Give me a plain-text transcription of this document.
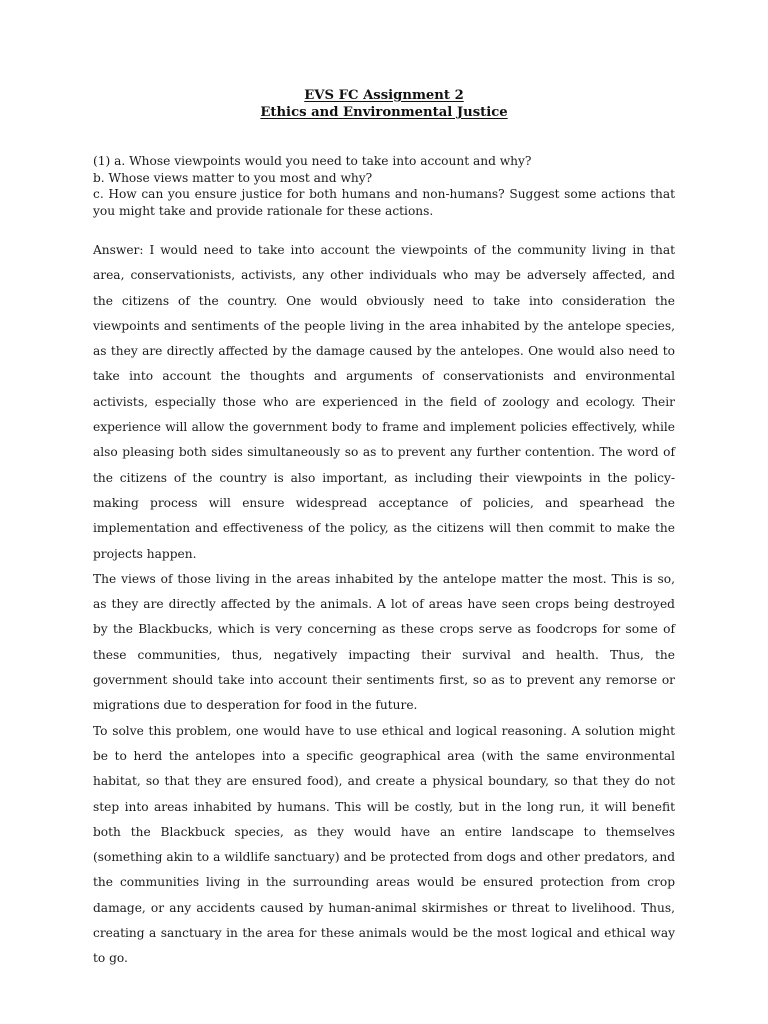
EVS FC Assignment 2
Ethics and Environmental Justice

(1) a. Whose viewpoints would you need to take into account and why?

b. Whose views matter to you most and why?

c. How can you ensure justice for both humans and non-humans? Suggest some actions that you might take and provide rationale for these actions.

Answer: I would need to take into account the viewpoints of the community living in that area, conservationists, activists, any other individuals who may be adversely affected, and the citizens of the country. One would obviously need to take into consideration the viewpoints and sentiments of the people living in the area inhabited by the antelope species, as they are directly affected by the damage caused by the antelopes. One would also need to take into account the thoughts and arguments of conservationists and environmental activists, especially those who are experienced in the field of zoology and ecology. Their experience will allow the government body to frame and implement policies effectively, while also pleasing both sides simultaneously so as to prevent any further contention. The word of the citizens of the country is also important, as including their viewpoints in the policy-making process will ensure widespread acceptance of policies, and spearhead the implementation and effectiveness of the policy, as the citizens will then commit to make the projects happen.

The views of those living in the areas inhabited by the antelope matter the most. This is so, as they are directly affected by the animals. A lot of areas have seen crops being destroyed by the Blackbucks, which is very concerning as these crops serve as foodcrops for some of these communities, thus, negatively impacting their survival and health. Thus, the government should take into account their sentiments first, so as to prevent any remorse or migrations due to desperation for food in the future.

To solve this problem, one would have to use ethical and logical reasoning. A solution might be to herd the antelopes into a specific geographical area (with the same environmental habitat, so that they are ensured food), and create a physical boundary, so that they do not step into areas inhabited by humans. This will be costly, but in the long run, it will benefit both the Blackbuck species, as they would have an entire landscape to themselves (something akin to a wildlife sanctuary) and be protected from dogs and other predators, and the communities living in the surrounding areas would be ensured protection from crop damage, or any accidents caused by human-animal skirmishes or threat to livelihood. Thus, creating a sanctuary in the area for these animals would be the most logical and ethical way to go.
